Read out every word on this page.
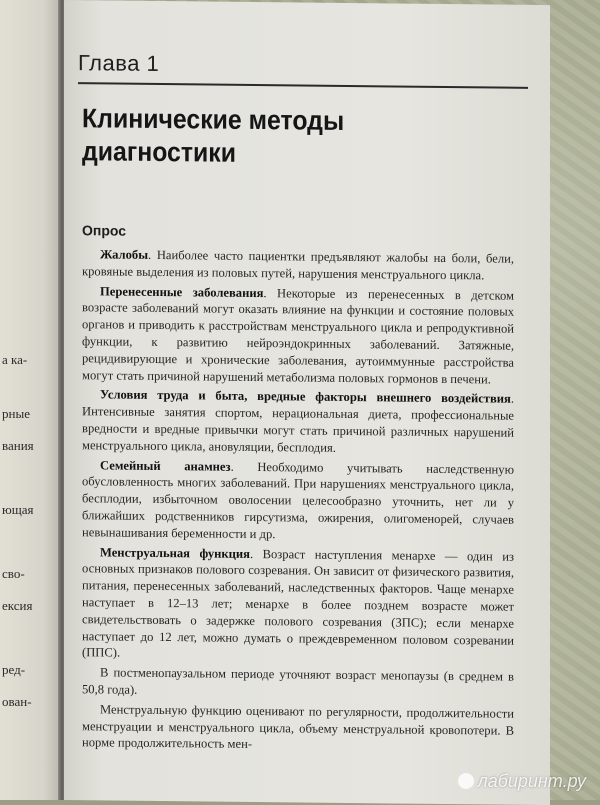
а ка-
рные
вания
ющая
сво-
ексия
ред-
ован-
Глава 1
Клинические методы
диагностики
Опрос

Жалобы. Наиболее часто пациентки предъявляют жалобы на боли, бели, кровяные выделения из половых путей, нарушения менструального цикла.

Перенесенные заболевания. Некоторые из перенесенных в детском возрасте заболеваний могут оказать влияние на функции и состояние половых органов и приводить к расстройствам менструального цикла и репродуктивной функции, к развитию нейроэндокринных заболеваний. Затяжные, рецидивирующие и хронические заболевания, аутоиммунные расстройства могут стать причиной нарушений метаболизма половых гормонов в печени.

Условия труда и быта, вредные факторы внешнего воздействия. Интенсивные занятия спортом, нерациональная диета, профессиональные вредности и вредные привычки могут стать причиной различных нарушений менструального цикла, ановуляции, бесплодия.

Семейный анамнез. Необходимо учитывать наследственную обусловленность многих заболеваний. При нарушениях менструального цикла, бесплодии, избыточном оволосении целесообразно уточнить, нет ли у ближайших родственников гирсутизма, ожирения, олигоменорей, случаев невынашивания беременности и др.

Менструальная функция. Возраст наступления менархе — один из основных признаков полового созревания. Он зависит от физического развития, питания, перенесенных заболеваний, наследственных факторов. Чаще менархе наступает в 12–13 лет; менархе в более позднем возрасте может свидетельствовать о задержке полового созревания (ЗПС); если менархе наступает до 12 лет, можно думать о преждевременном половом созревании (ППС).

В постменопаузальном периоде уточняют возраст менопаузы (в среднем в 50,8 года).

Менструальную функцию оценивают по регулярности, продолжительности менструации и менструального цикла, объему менструальной кровопотери. В норме продолжительность мен-

лабиринт.ру
